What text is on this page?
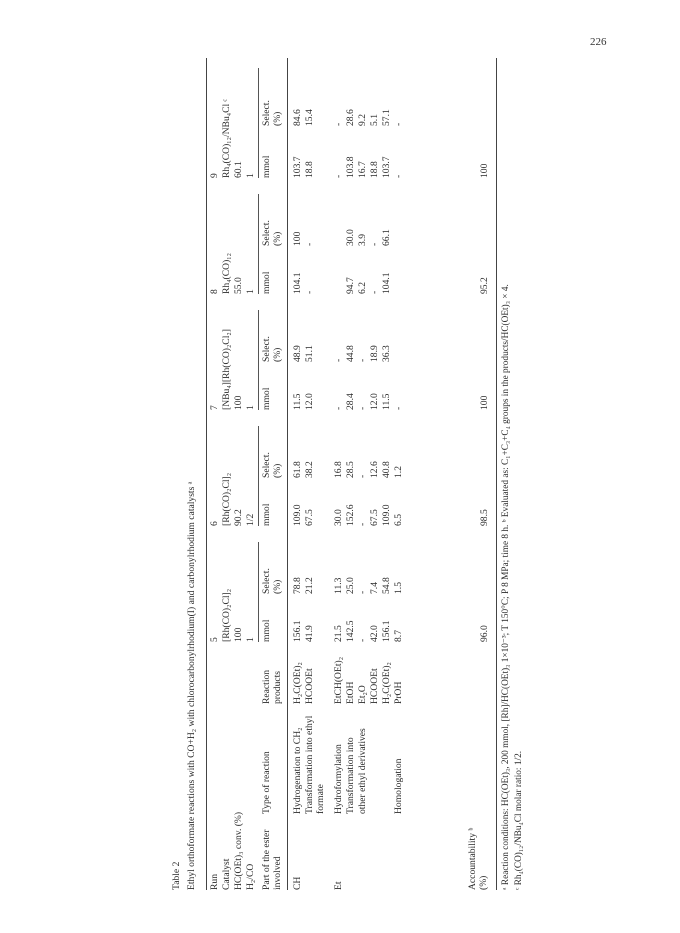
226
Table 2 Ethyl orthoformate reactions with CO+H₂ with chlorocarbonylrhodium(I) and carbonylrhodium catalysts ᵃ Run Catalyst HC(OEt)₃ conv. (%) H₂/CO
5 [Rh(CO)₂Cl]₂ 100 1
6 [Rh(CO)₂Cl]₂ 90.2 1/2
7 [NBu₄][Rh(CO)₂Cl₂] 100 1
8 Rh₄(CO)₁₂ 55.0 1
9 Rh₄(CO)₁₂/NBu₄Cl ᶜ 60.1 1
Part of the ester involved
Type of reaction
Reaction products
mmol
Select. (%)
mmol
Select. (%)
mmol
Select. (%)
mmol
Select. (%)
mmol
Select. (%)
CH
Hydrogenation to CH₂
H₂C(OEt)₂
156.1
78.8
109.0
61.8
11.5
48.9
104.1
100
103.7
84.6
Transformation into ethyl formate
HCOOEt
41.9
21.2
67.5
38.2
12.0
51.1
-
-
18.8
15.4
Et
Hydroformylation
EtCH(OEt)₂
21.5
11.3
30.0
16.8
-
-
-
-
Transformation into
EtOH
142.5
25.0
152.6
28.5
28.4
44.8
94.7
30.0
103.8
28.6
other ethyl derivatives
Et₂O
-
-
-
-
-
-
6.2
3.9
16.7
9.2
HCOOEt
42.0
7.4
67.5
12.6
12.0
18.9
-
-
18.8
5.1
H₂C(OEt)₂
156.1
54.8
109.0
40.8
11.5
36.3
104.1
66.1
103.7
57.1
Homologation
PrOH
8.7
1.5
6.5
1.2
-
-
-
Accountability ᵇ (%)
96.0
98.5
100
95.2
100
ᵃ Reaction conditions: HC(OEt)₃, 200 mmol, [Rh]/HC(OEt)₃ 1×10⁻³; T 150°C; P 8 MPa; time 8 h. ᵇ Evaluated as: C₁+C₃+C₄ groups in the products/HC(OEt)₃ × 4. ᶜ Rh₄(CO)₁₂/NBu₄Cl molar ratio: 1/2.
